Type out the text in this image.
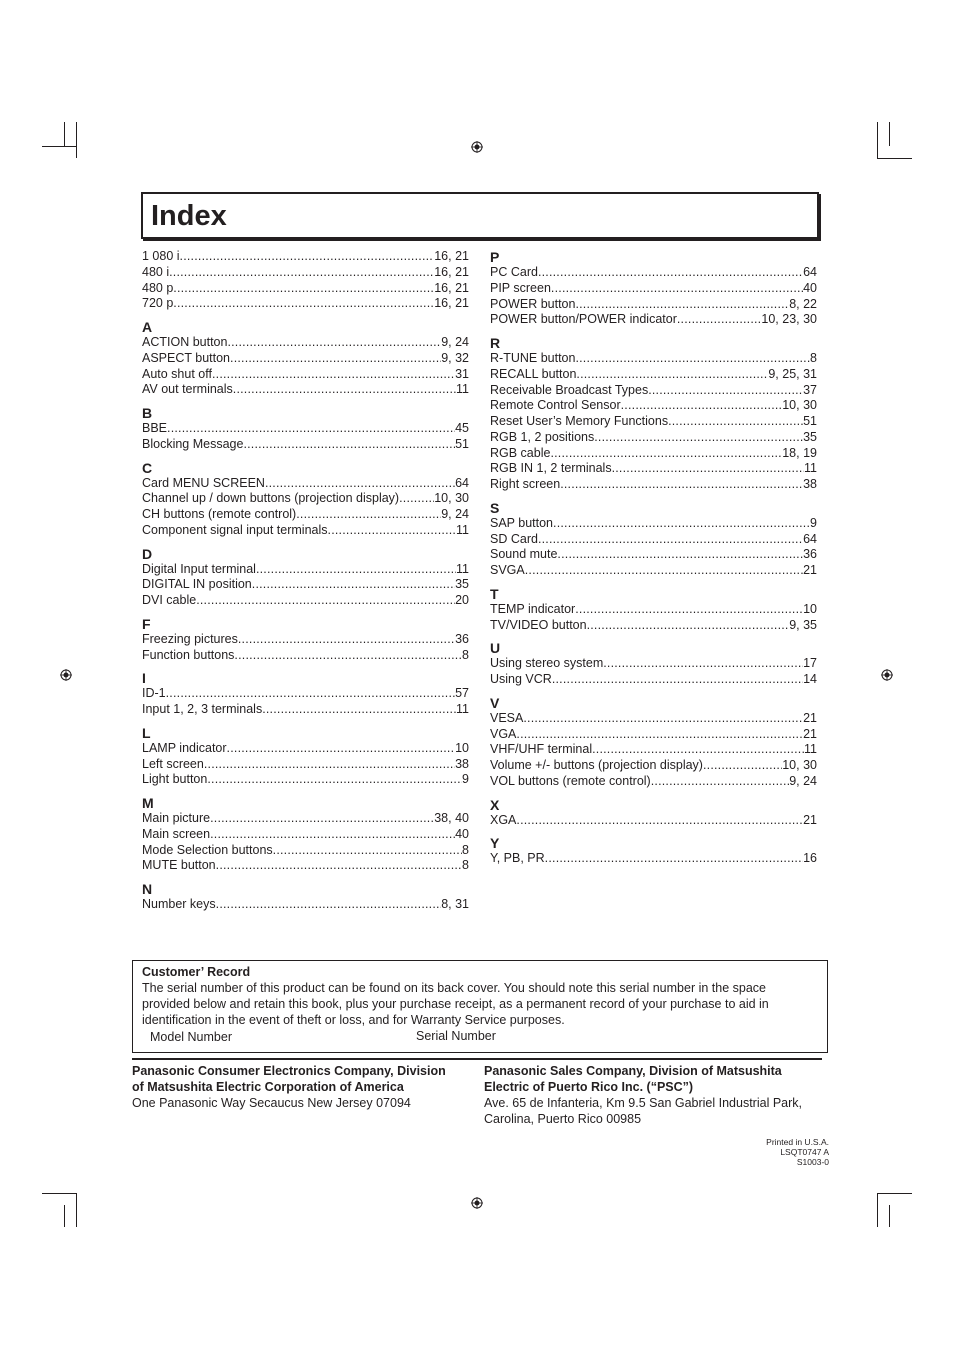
Index
1 080 i .....	16, 21
480 i .....	16, 21
480 p .....	16, 21
720 p .....	16, 21
A
ACTION button .....	9, 24
ASPECT button .....	9, 32
Auto shut off .....	31
AV out terminals .....	11
B
BBE .....	45
Blocking Message .....	51
C
Card MENU SCREEN .....	64
Channel up / down buttons (projection display) .....	10, 30
CH buttons (remote control) .....	9, 24
Component signal input terminals .....	11
D
Digital Input terminal .....	11
DIGITAL IN position .....	35
DVI cable .....	20
F
Freezing pictures .....	36
Function buttons .....	8
I
ID-1 .....	57
Input 1, 2, 3 terminals .....	11
L
LAMP indicator .....	10
Left screen .....	38
Light button .....	9
M
Main picture .....	38, 40
Main screen .....	40
Mode Selection buttons .....	8
MUTE button .....	8
N
Number keys .....	8, 31
P
PC Card .....	64
PIP screen .....	40
POWER button .....	8, 22
POWER button/POWER indicator .....	10, 23, 30
R
R-TUNE button .....	8
RECALL button .....	9, 25, 31
Receivable Broadcast Types .....	37
Remote Control Sensor .....	10, 30
Reset User’s Memory Functions .....	51
RGB 1, 2 positions .....	35
RGB cable .....	18, 19
RGB IN 1, 2 terminals .....	11
Right screen .....	38
S
SAP button .....	9
SD Card .....	64
Sound mute .....	36
SVGA .....	21
T
TEMP indicator .....	10
TV/VIDEO button .....	9, 35
U
Using stereo system .....	17
Using VCR .....	14
V
VESA .....	21
VGA .....	21
VHF/UHF terminal .....	11
Volume +/- buttons (projection display) .....	10, 30
VOL buttons (remote control) .....	9, 24
X
XGA .....	21
Y
Y, PB, PR .....	16
Customer’ Record
The serial number of this product can be found on its back cover. You should note this serial number in the space provided below and retain this book, plus your purchase receipt, as a permanent record of your purchase to aid in identification in the event of theft or loss, and for Warranty Service purposes.
Model Number	Serial Number
Panasonic Consumer Electronics Company, Division
of Matsushita Electric Corporation of America
One Panasonic Way Secaucus New Jersey 07094
Panasonic Sales Company, Division of Matsushita
Electric of Puerto Rico Inc. (“PSC”)
Ave. 65 de Infanteria, Km 9.5 San Gabriel Industrial Park,
Carolina, Puerto Rico 00985
Printed in U.S.A.
LSQT0747 A
S1003-0
